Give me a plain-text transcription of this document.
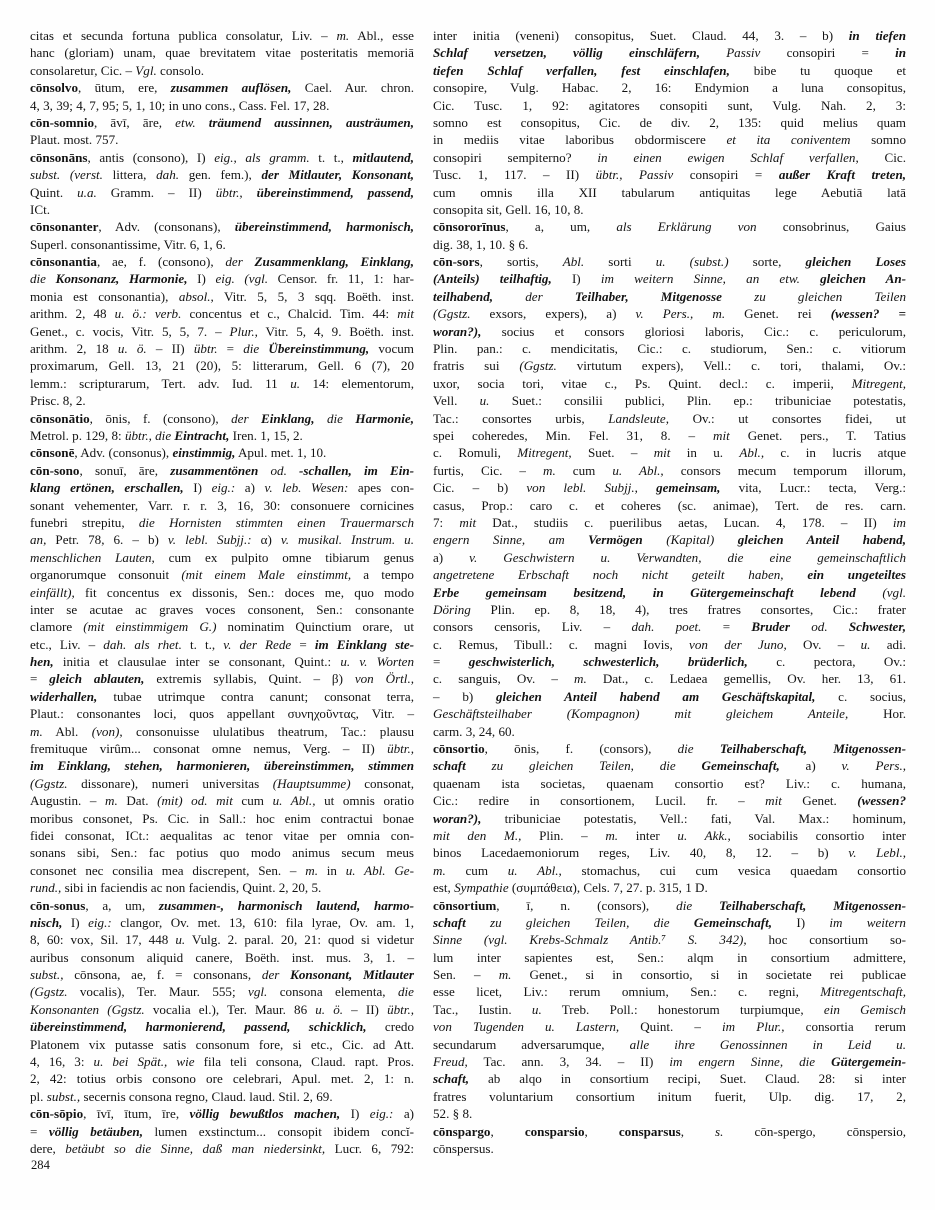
citas et secunda fortuna publica consolatur, Liv. – m. Abl., esse
hanc (gloriam) unam, quae brevitatem vitae posteritatis memoriā
consolaretur, Cic. – Vgl. consolo.
cōnsolvo, ūtum, ere, zusammen auflösen, Cael. Aur. chron.
4, 3, 39; 4, 7, 95; 5, 1, 10; in uno cons., Cass. Fel. 17, 28.
cōn-somnio, āvī, āre, etw. träumend aussinnen, austräumen,
Plaut. most. 757.
cōnsonāns, antis (consono), I) eig., als gramm. t. t., mitlautend,
subst. (verst. littera, dah. gen. fem.), der Mitlauter, Konsonant,
Quint. u.a. Gramm. – II) übtr., übereinstimmend, passend,
ICt.
cōnsonanter, Adv. (consonans), übereinstimmend, harmonisch,
Superl. consonantissime, Vitr. 6, 1, 6.
cōnsonantia, ae, f. (consono), der Zusammenklang, Einklang,
die Konsonanz, Harmonie, I) eig. (vgl. Censor. fr. 11, 1: har-
monia est consonantia), absol., Vitr. 5, 5, 3 sqq. Boëth. inst.
arithm. 2, 48 u. ö.: verb. concentus et c., Chalcid. Tim. 44: mit
Genet., c. vocis, Vitr. 5, 5, 7. – Plur., Vitr. 5, 4, 9. Boëth. inst.
arithm. 2, 18 u. ö. – II) übtr. = die Übereinstimmung, vocum
proximarum, Gell. 13, 21 (20), 5: litterarum, Gell. 6 (7), 20
lemm.: scripturarum, Tert. adv. Iud. 11 u. 14: elementorum,
Prisc. 8, 2.
cōnsonātio, ōnis, f. (consono), der Einklang, die Harmonie,
Metrol. p. 129, 8: übtr., die Eintracht, Iren. 1, 15, 2.
cōnsonē, Adv. (consonus), einstimmig, Apul. met. 1, 10.
cōn-sono, sonuī, āre, zusammentönen od. -schallen, im Ein-
klang ertönen, erschallen, I) eig.: a) v. leb. Wesen: apes con-
sonant vehementer, Varr. r. r. 3, 16, 30: consonuere cornicines
funebri strepitu, die Hornisten stimmten einen Trauermarsch
an, Petr. 78, 6. – b) v. lebl. Subjj.: α) v. musikal. Instrum. u.
menschlichen Lauten, cum ex pulpito omne tibiarum genus
organorumque consonuit (mit einem Male einstimmt, a tempo
einfällt), fit concentus ex dissonis, Sen.: doces me, quo modo
inter se acutae ac graves voces consonent, Sen.: consonante
clamore (mit einstimmigem G.) nominatim Quinctium orare, ut
etc., Liv. – dah. als rhet. t. t., v. der Rede = im Einklang ste-
hen, initia et clausulae inter se consonant, Quint.: u. v. Worten
= gleich ablauten, extremis syllabis, Quint. – β) von Örtl.,
widerhallen, tubae utrimque contra canunt; consonat terra,
Plaut.: consonantes loci, quos appellant συνηχοῦντας, Vitr. –
m. Abl. (von), consonuisse ululatibus theatrum, Tac.: plausu
fremituque virûm... consonat omne nemus, Verg. – II) übtr.,
im Einklang, stehen, harmonieren, übereinstimmen, stimmen
(Ggstz. dissonare), numeri universitas (Hauptsumme) consonat,
Augustin. – m. Dat. (mit) od. mit cum u. Abl., ut omnis oratio
moribus consonet, Ps. Cic. in Sall.: hoc enim contractui bonae
fidei consonat, ICt.: aequalitas ac tenor vitae per omnia con-
sonans sibi, Sen.: fac potius quo modo animus secum meus
consonet nec consilia mea discrepent, Sen. – m. in u. Abl. Ge-
rund., sibi in faciendis ac non faciendis, Quint. 2, 20, 5.
cōn-sonus, a, um, zusammen-, harmonisch lautend, harmo-
nisch, I) eig.: clangor, Ov. met. 13, 610: fila lyrae, Ov. am. 1,
8, 60: vox, Sil. 17, 448 u. Vulg. 2. paral. 20, 21: quod si videtur
auribus consonum aliquid canere, Boëth. inst. mus. 3, 1. –
subst., cōnsona, ae, f. = consonans, der Konsonant, Mitlauter
(Ggstz. vocalis), Ter. Maur. 555; vgl. consona elementa, die
Konsonanten (Ggstz. vocalia el.), Ter. Maur. 86 u. ö. – II) übtr.,
übereinstimmend, harmonierend, passend, schicklich, credo
Platonem vix putasse satis consonum fore, si etc., Cic. ad Att.
4, 16, 3: u. bei Spät., wie fila teli consona, Claud. rapt. Pros.
2, 42: totius orbis consono ore celebrari, Apul. met. 2, 1: n.
pl. subst., secernis consona regno, Claud. laud. Stil. 2, 69.
cōn-sōpio, īvī, ītum, īre, völlig bewußtlos machen, I) eig.: a)
= völlig betäuben, lumen exstinctum... consopit ibidem concĭ-
dere, betäubt so die Sinne, daß man niedersinkt, Lucr. 6, 792:
inter initia (veneni) consopitus, Suet. Claud. 44, 3. – b) in tiefen
Schlaf versetzen, völlig einschläfern, Passiv consopiri = in
tiefen Schlaf verfallen, fest einschlafen, bibe tu quoque et
consopire, Vulg. Habac. 2, 16: Endymion a luna consopitus,
Cic. Tusc. 1, 92: agitatores consopiti sunt, Vulg. Nah. 2, 3:
somno est consopitus, Cic. de div. 2, 135: quid melius quam
in mediis vitae laboribus obdormiscere et ita coniventem somno
consopiri sempiterno? in einen ewigen Schlaf verfallen, Cic.
Tusc. 1, 117. – II) übtr., Passiv consopiri = außer Kraft treten,
cum omnis illa XII tabularum antiquitas lege Aebutiā latā
consopita sit, Gell. 16, 10, 8.
cōnsororīnus, a, um, als Erklärung von consobrinus, Gaius
dig. 38, 1, 10. § 6.
cōn-sors, sortis, Abl. sorti u. (subst.) sorte, gleichen Loses
(Anteils) teilhaftig, I) im weitern Sinne, an etw. gleichen An-
teilhabend, der Teilhaber, Mitgenosse zu gleichen Teilen
(Ggstz. exsors, expers), a) v. Pers., m. Genet. rei (wessen? =
woran?), socius et consors gloriosi laboris, Cic.: c. periculorum,
Plin. pan.: c. mendicitatis, Cic.: c. studiorum, Sen.: c. vitiorum
fratris sui (Ggstz. virtutum expers), Vell.: c. tori, thalami, Ov.:
uxor, socia tori, vitae c., Ps. Quint. decl.: c. imperii, Mitregent,
Vell. u. Suet.: consilii publici, Plin. ep.: tribuniciae potestatis,
Tac.: consortes urbis, Landsleute, Ov.: ut consortes fidei, ut
spei coheredes, Min. Fel. 31, 8. – mit Genet. pers., T. Tatius
c. Romuli, Mitregent, Suet. – mit in u. Abl., c. in lucris atque
furtis, Cic. – m. cum u. Abl., consors mecum temporum illorum,
Cic. – b) von lebl. Subjj., gemeinsam, vita, Lucr.: tecta, Verg.:
casus, Prop.: caro c. et coheres (sc. animae), Tert. de res. carn.
7: mit Dat., studiis c. puerilibus aetas, Lucan. 4, 178. – II) im
engern Sinne, am Vermögen (Kapital) gleichen Anteil habend,
a) v. Geschwistern u. Verwandten, die eine gemeinschaftlich
angetretene Erbschaft noch nicht geteilt haben, ein ungeteiltes
Erbe gemeinsam besitzend, in Gütergemeinschaft lebend (vgl.
Döring Plin. ep. 8, 18, 4), tres fratres consortes, Cic.: frater
consors censoris, Liv. – dah. poet. = Bruder od. Schwester,
c. Remus, Tibull.: c. magni Iovis, von der Juno, Ov. – u. adi.
= geschwisterlich, schwesterlich, brüderlich, c. pectora, Ov.:
c. sanguis, Ov. – m. Dat., c. Ledaea gemellis, Ov. her. 13, 61.
– b) gleichen Anteil habend am Geschäftskapital, c. socius,
Geschäftsteilhaber (Kompagnon) mit gleichem Anteile, Hor.
carm. 3, 24, 60.
cōnsortio, ōnis, f. (consors), die Teilhaberschaft, Mitgenossen-
schaft zu gleichen Teilen, die Gemeinschaft, a) v. Pers.,
quaenam ista societas, quaenam consortio est? Liv.: c. humana,
Cic.: redire in consortionem, Lucil. fr. – mit Genet. (wessen?
woran?), tribuniciae potestatis, Vell.: fati, Val. Max.: hominum,
mit den M., Plin. – m. inter u. Akk., sociabilis consortio inter
binos Lacedaemoniorum reges, Liv. 40, 8, 12. – b) v. Lebl.,
m. cum u. Abl., stomachus, cui cum vesica quaedam consortio
est, Sympathie (συμπάθεια), Cels. 7, 27. p. 315, 1 D.
cōnsortium, ī, n. (consors), die Teilhaberschaft, Mitgenossen-
schaft zu gleichen Teilen, die Gemeinschaft, I) im weitern
Sinne (vgl. Krebs-Schmalz Antib.⁷ S. 342), hoc consortium so-
lum inter sapientes est, Sen.: alqm in consortium admittere,
Sen. – m. Genet., si in consortio, si in societate rei publicae
esse licet, Liv.: rerum omnium, Sen.: c. regni, Mitregentschaft,
Tac., Iustin. u. Treb. Poll.: honestorum turpiumque, ein Gemisch
von Tugenden u. Lastern, Quint. – im Plur., consortia rerum
secundarum adversarumque, alle ihre Genossinnen in Leid u.
Freud, Tac. ann. 3, 34. – II) im engern Sinne, die Gütergemein-
schaft, ab alqo in consortium recipi, Suet. Claud. 28: si inter
fratres voluntarium consortium initum fuerit, Ulp. dig. 17, 2,
52. § 8.
cōnspargo, consparsio, consparsus, s. cōn-spergo, cōnspersio,
cōnspersus.
284
